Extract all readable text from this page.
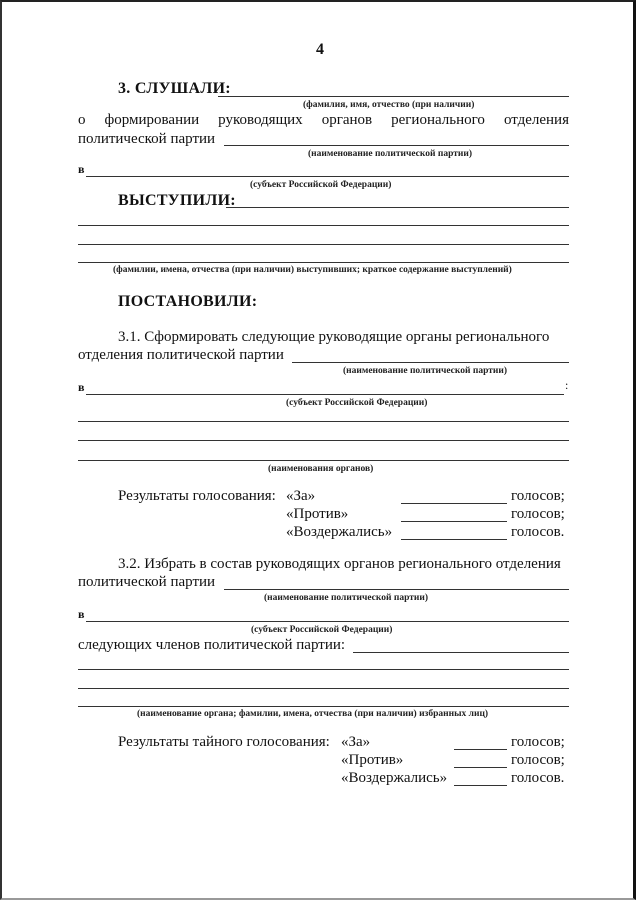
4
3. СЛУШАЛИ:
(фамилия, имя, отчество (при наличии)
о формировании руководящих органов регионального отделения
политической партии
(наименование политической партии)
в
(субъект Российской Федерации)
ВЫСТУПИЛИ:
(фамилии, имена, отчества (при наличии) выступивших; краткое содержание выступлений)
ПОСТАНОВИЛИ:
3.1. Сформировать следующие руководящие органы регионального
отделения политической партии
(наименование политической партии)
в	:
(субъект Российской Федерации)
(наименования органов)
Результаты голосования: «За»	голосов;
«Против»	голосов;
«Воздержались»	голосов.
3.2. Избрать в состав руководящих органов регионального отделения
политической партии
(наименование политической партии)
в
(субъект Российской Федерации)
следующих членов политической партии:
(наименование органа; фамилии, имена, отчества (при наличии) избранных лиц)
Результаты тайного голосования: «За»	голосов;
«Против»	голосов;
«Воздержались»	голосов.
